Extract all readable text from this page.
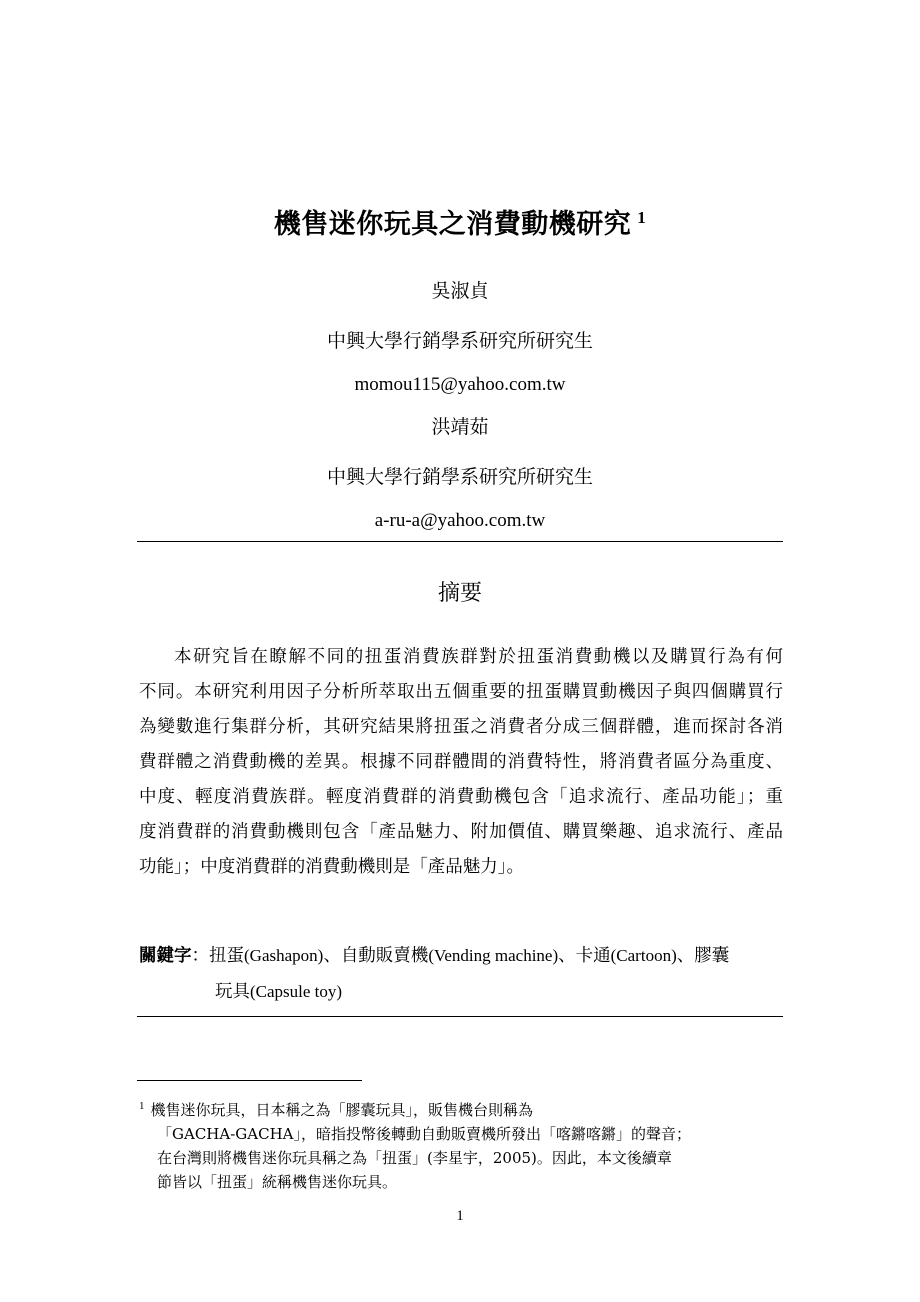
機售迷你玩具之消費動機研究 $^1$
吳淑貞
中興大學行銷學系研究所研究生
momou115@yahoo.com.tw
洪靖茹
中興大學行銷學系研究所研究生
a-ru-a@yahoo.com.tw
摘要
本研究旨在瞭解不同的扭蛋消費族群對於扭蛋消費動機以及購買行為有何
不同。本研究利用因子分析所萃取出五個重要的扭蛋購買動機因子與四個購買行
為變數進行集群分析，其研究結果將扭蛋之消費者分成三個群體，進而探討各消
費群體之消費動機的差異。根據不同群體間的消費特性，將消費者區分為重度、
中度、輕度消費族群。輕度消費群的消費動機包含「追求流行、產品功能」；重
度消費群的消費動機則包含「產品魅力、附加價值、購買樂趣、追求流行、產品
功能」；中度消費群的消費動機則是「產品魅力」。
關鍵字：扭蛋(Gashapon)、自動販賣機(Vending machine)、卡通(Cartoon)、膠囊
玩具(Capsule toy)
$^1$ 機售迷你玩具，日本稱之為「膠囊玩具」，販售機台則稱為
「GACHA-GACHA」，暗指投幣後轉動自動販賣機所發出「喀鏘喀鏘」的聲音；
在台灣則將機售迷你玩具稱之為「扭蛋」(李星宇，2005)。因此，本文後續章
節皆以「扭蛋」統稱機售迷你玩具。
1
